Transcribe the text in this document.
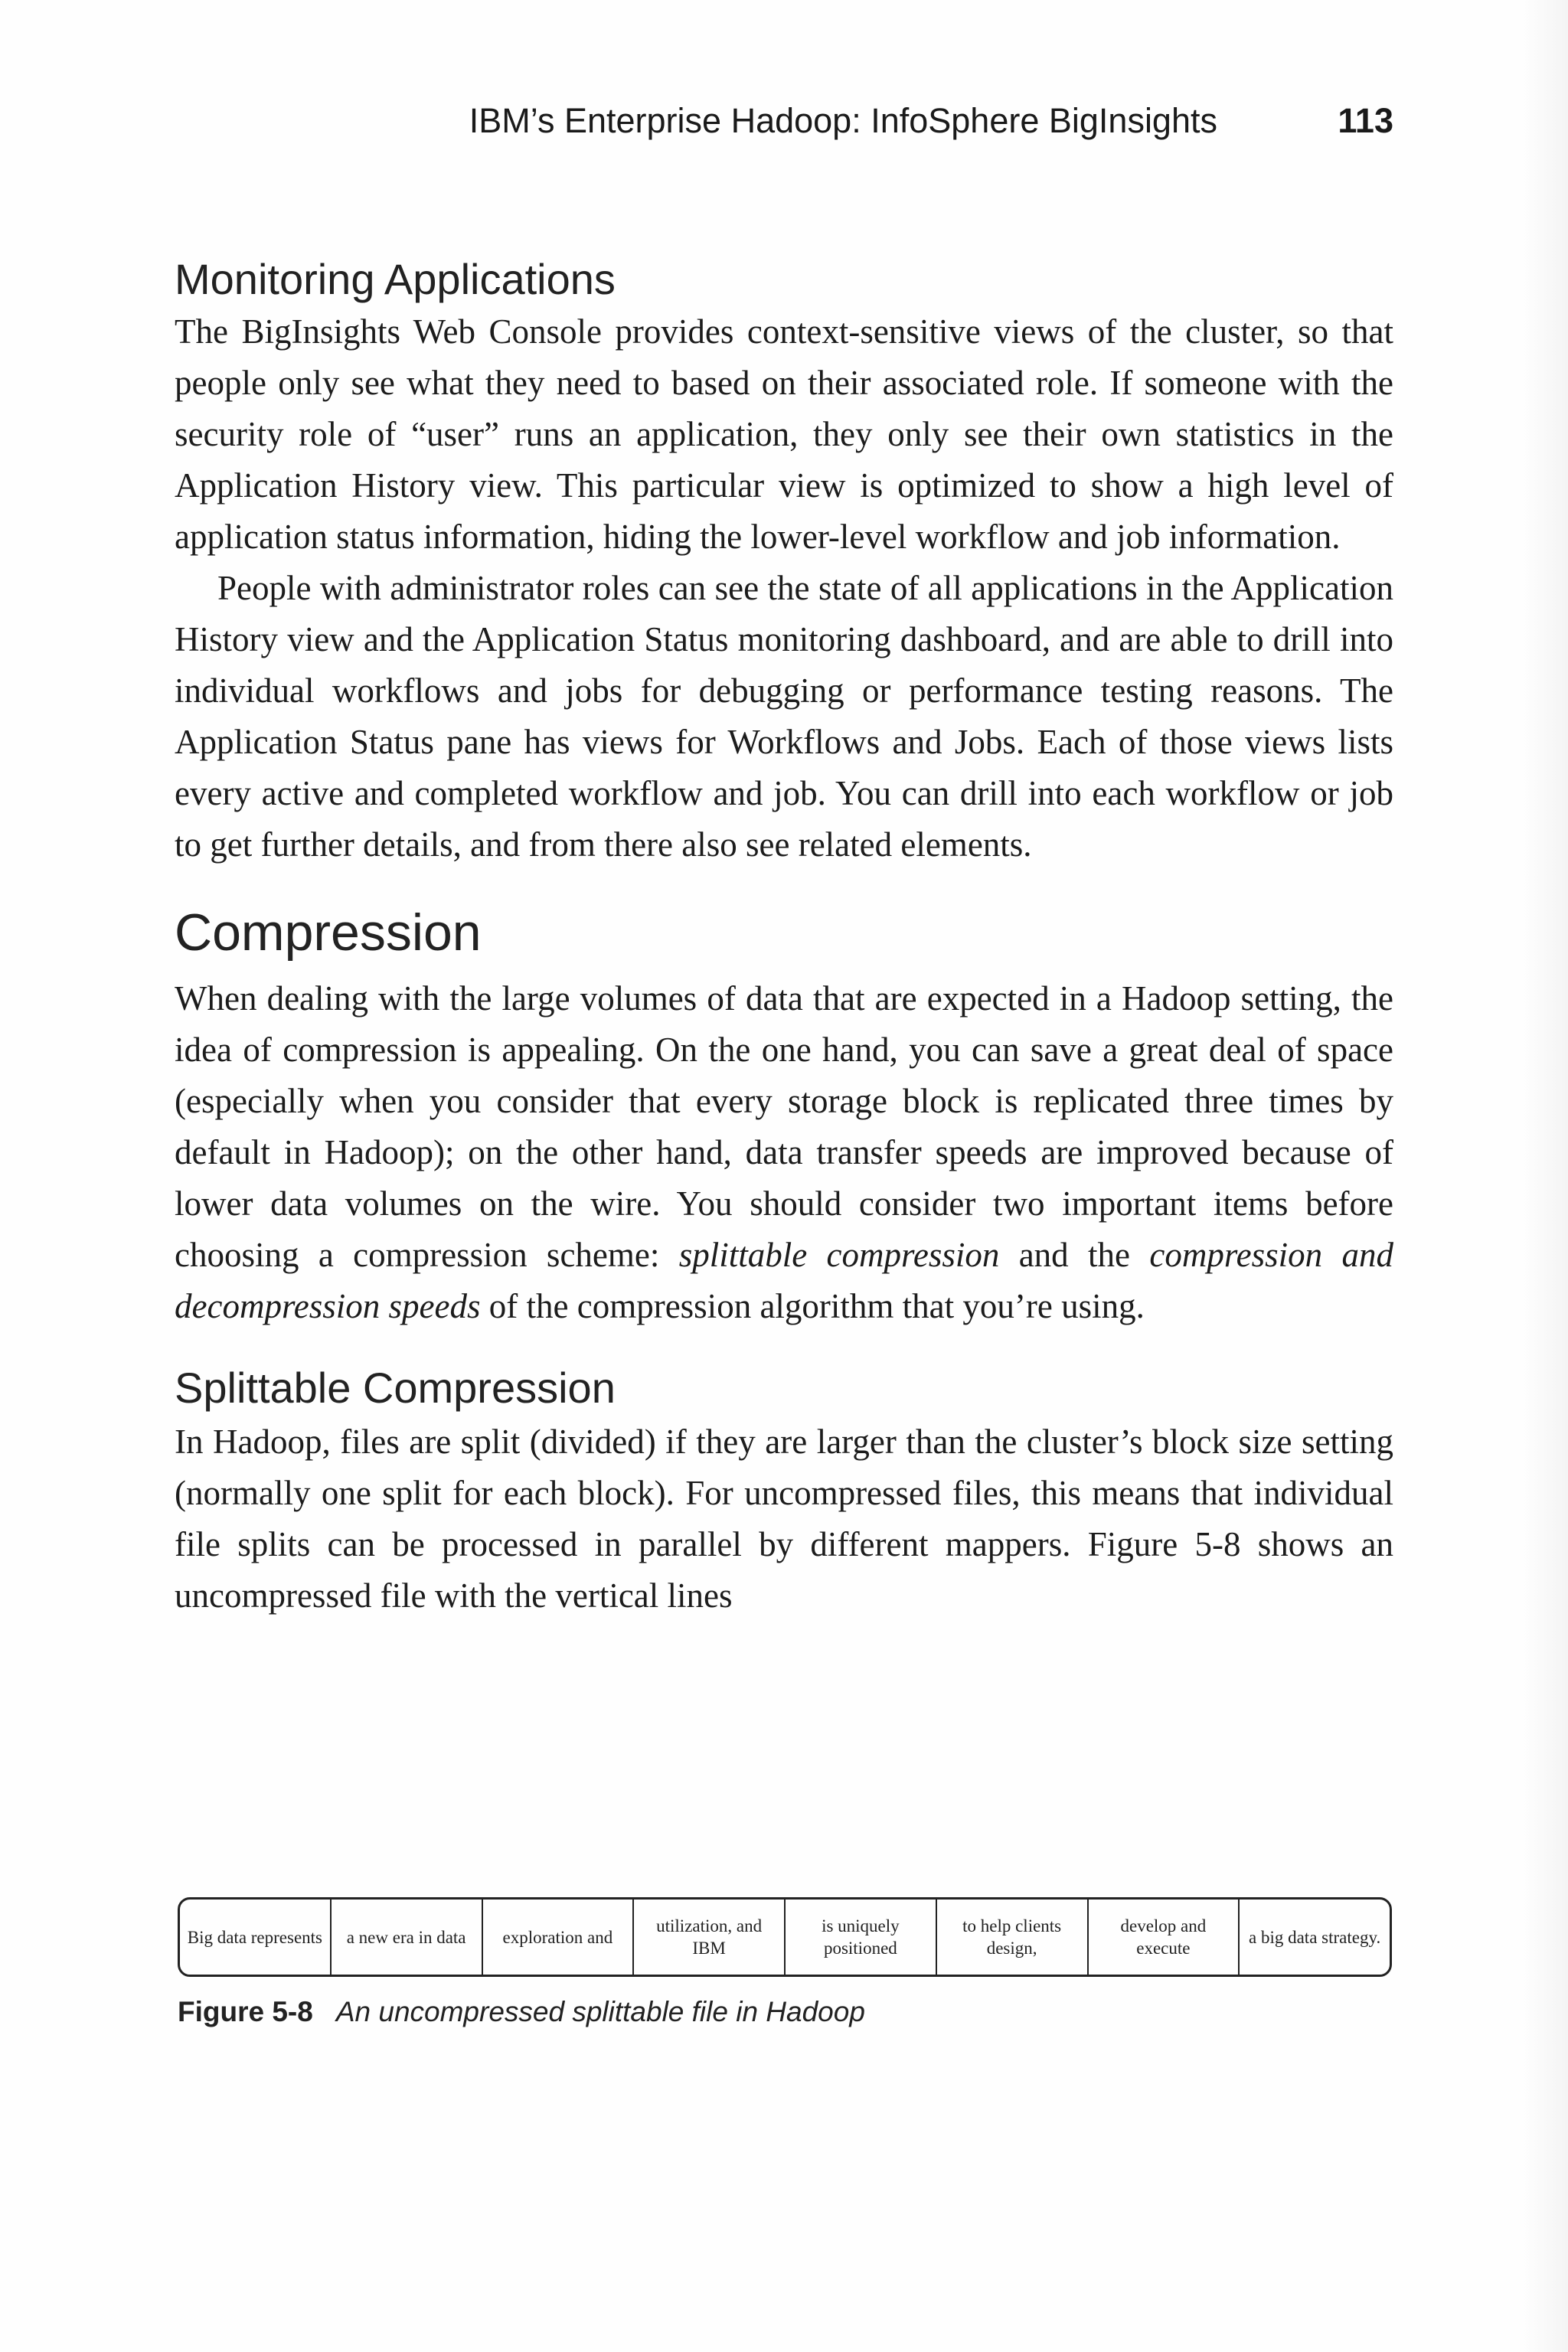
IBM’s Enterprise Hadoop: InfoSphere BigInsights	113
Monitoring Applications

The BigInsights Web Console provides context-sensitive views of the cluster, so that people only see what they need to based on their associated role. If someone with the security role of “user” runs an application, they only see their own statistics in the Application History view. This particular view is optimized to show a high level of application status information, hiding the lower-level workflow and job information.

People with administrator roles can see the state of all applications in the Application History view and the Application Status monitoring dashboard, and are able to drill into individual workflows and jobs for debugging or performance testing reasons. The Application Status pane has views for Workflows and Jobs. Each of those views lists every active and completed workflow and job. You can drill into each workflow or job to get further details, and from there also see related elements.

Compression

When dealing with the large volumes of data that are expected in a Hadoop setting, the idea of compression is appealing. On the one hand, you can save a great deal of space (especially when you consider that every storage block is replicated three times by default in Hadoop); on the other hand, data transfer speeds are improved because of lower data volumes on the wire. You should consider two important items before choosing a compression scheme: splittable compression and the compression and decompression speeds of the compression algorithm that you’re using.

Splittable Compression

In Hadoop, files are split (divided) if they are larger than the cluster’s block size setting (normally one split for each block). For uncompressed files, this means that individual file splits can be processed in parallel by different mappers. Figure 5-8 shows an uncompressed file with the vertical lines

Big data represents	a new era in data	exploration and
utilization, and IBM
is uniquely positioned
to help clients design,
develop and execute
a big data strategy.
Figure 5-8 An uncompressed splittable file in Hadoop
